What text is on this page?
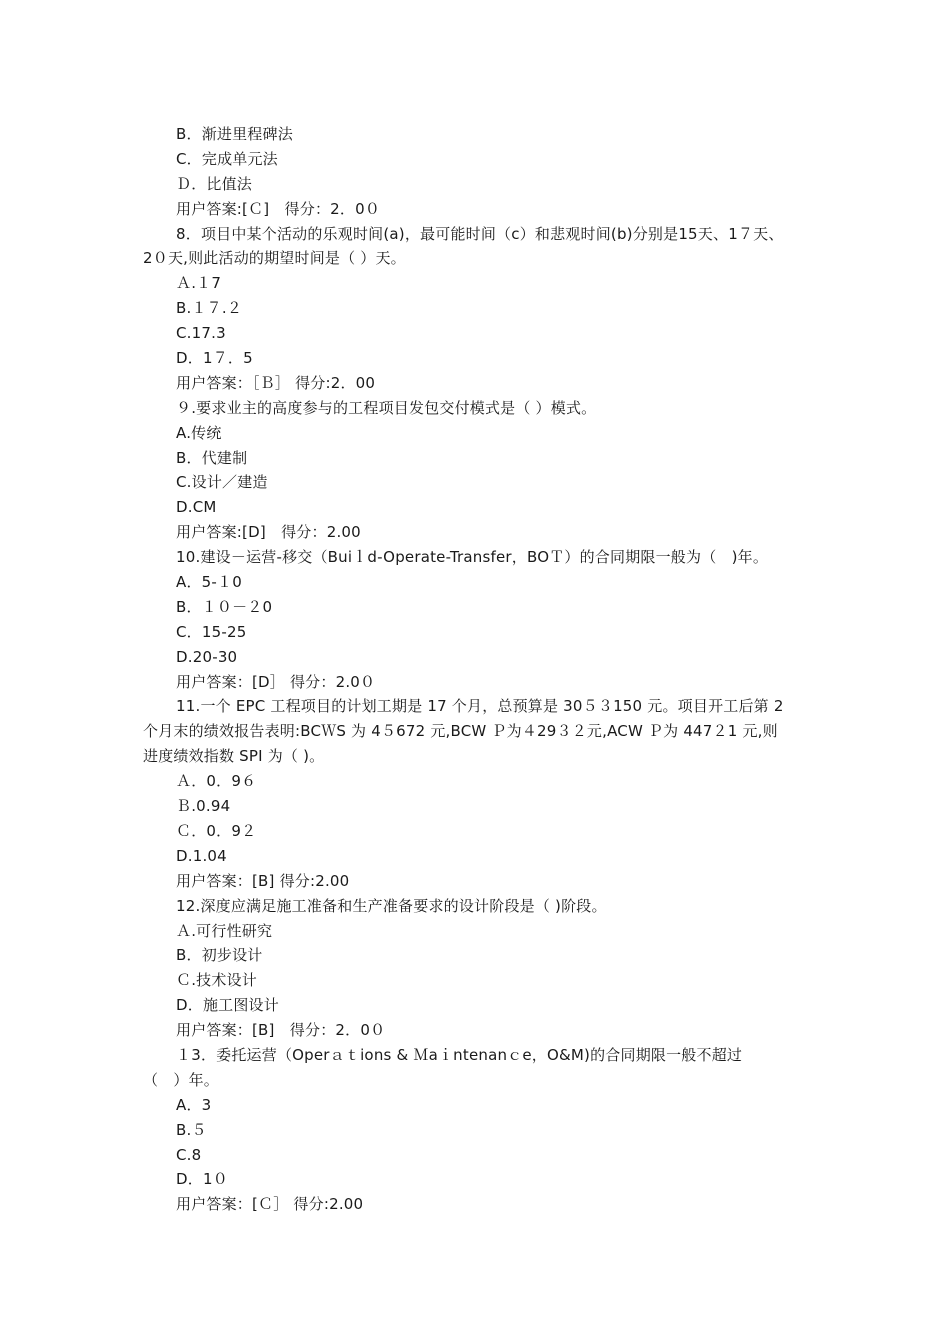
B．渐进里程碑法
C．完成单元法
Ｄ．比值法
用户答案:[Ｃ]　得分：2．0０
8．项目中某个活动的乐观时间(a)，最可能时间（c）和悲观时间(b)分别是15天、1７天、
2０天,则此活动的期望时间是（ ）天。
Ａ.１7
B.１７.２
C.17.3
D．1７．5
用户答案：［Ｂ］ 得分:2．00
９.要求业主的高度参与的工程项目发包交付模式是（ ）模式。
A.传统
B．代建制
C.设计／建造
D.CM
用户答案:[D]　得分：2.00
10.建设－运营-移交（Buiｌd-Operate-Transfer，BOＴ）的合同期限一般为（　)年。
A．5-１0
B．１０－２0
C．15-25
D.20-30
用户答案：[D］ 得分：2.0０
11.一个 EPC 工程项目的计划工期是 17 个月，总预算是 30５３150 元。项目开工后第 2
个月末的绩效报告表明:BCＷS 为 4５672 元,BCW Ｐ为４29３２元,ACW Ｐ为 447２1 元,则
进度绩效指数 SPI 为（ )。
Ａ．0．9６
Ｂ.0.94
Ｃ．0．9２
D.1.04
用户答案：[B] 得分:2.00
12.深度应满足施工准备和生产准备要求的设计阶段是（ )阶段。
Ａ.可行性研究
B．初步设计
Ｃ.技术设计
D．施工图设计
用户答案：[B]　得分：2．0０
１3．委托运营（Operａｔions & Ｍaｉntenanｃe，O&M)的合同期限一般不超过
（　）年。
A．3
B.５
C.8
D．1０
用户答案：[Ｃ］ 得分:2.00
